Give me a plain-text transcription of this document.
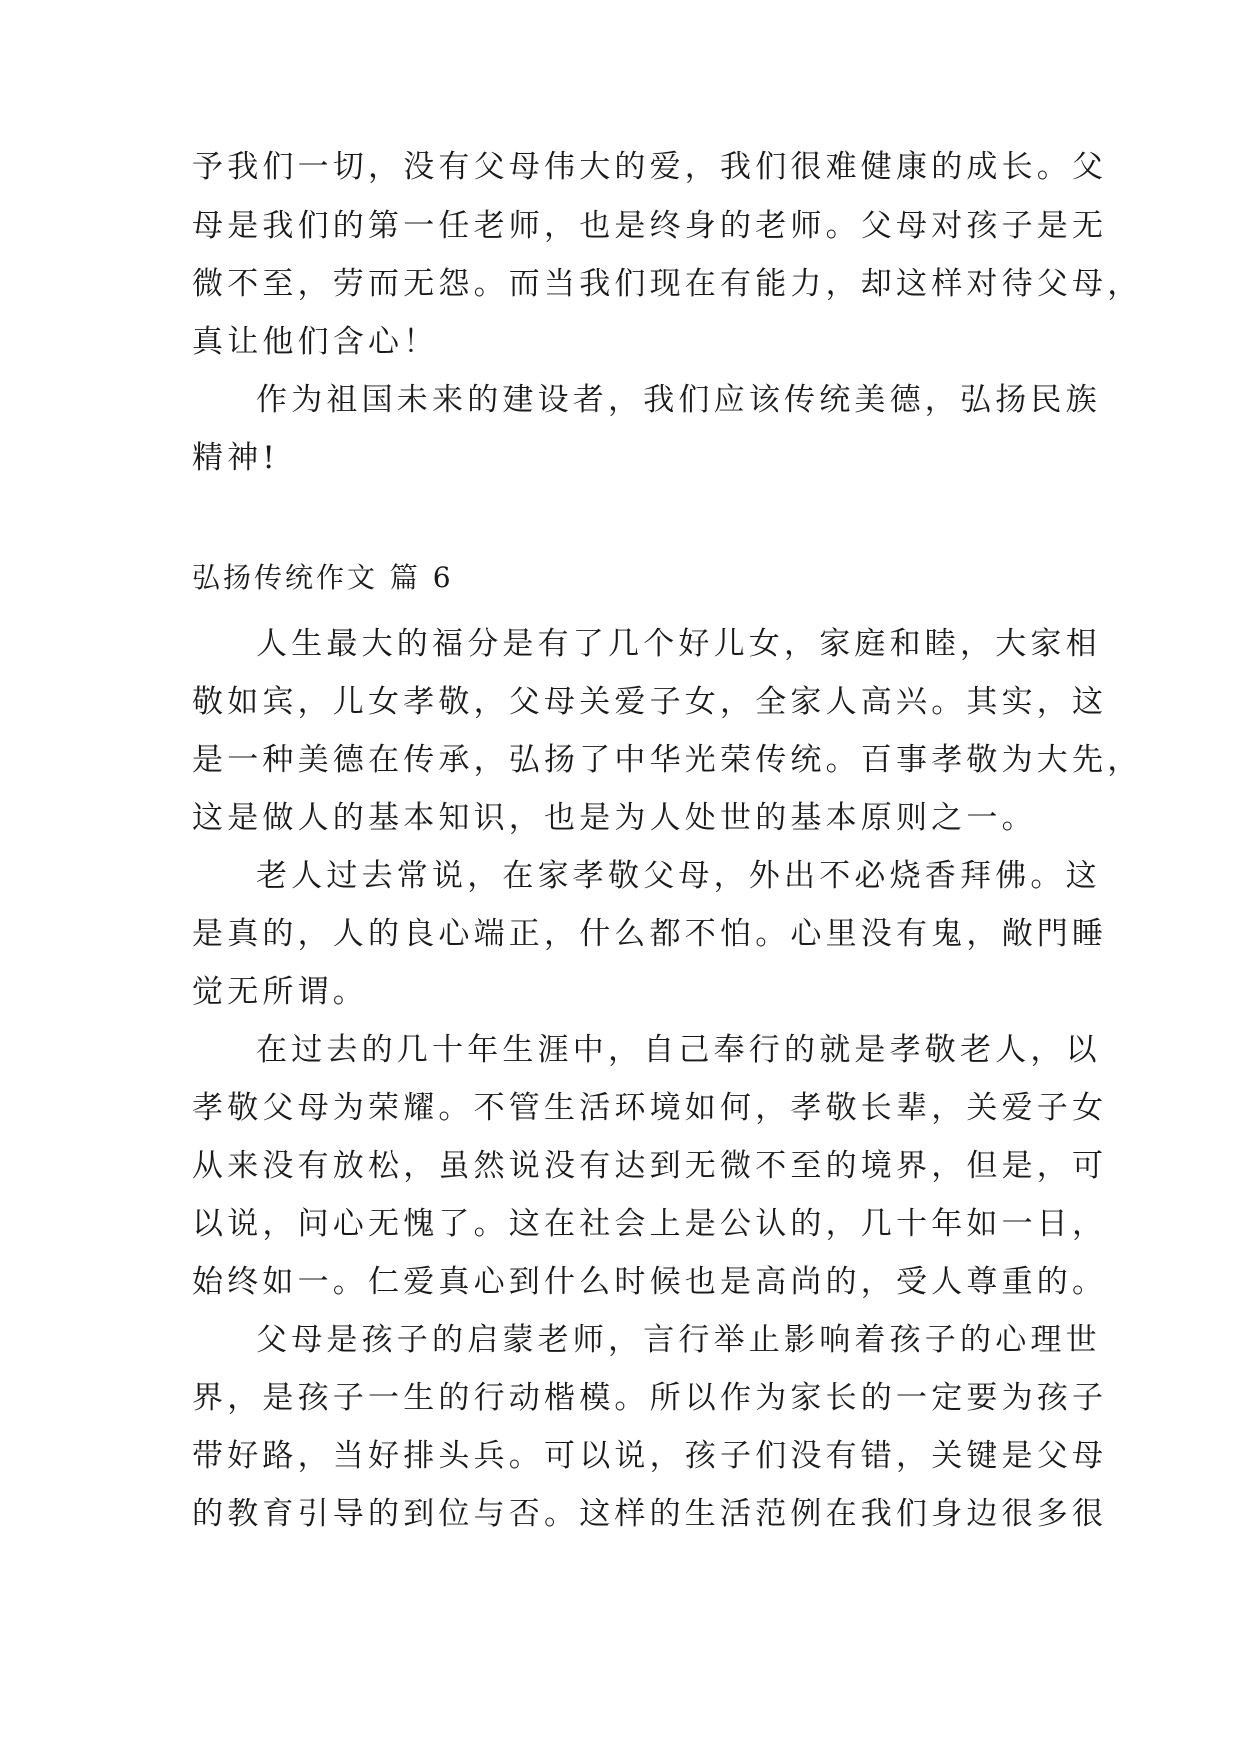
予我们一切，没有父母伟大的爱，我们很难健康的成长。父
母是我们的第一任老师，也是终身的老师。父母对孩子是无
微不至，劳而无怨。而当我们现在有能力，却这样对待父母，
真让他们含心！
作为祖国未来的建设者，我们应该传统美德，弘扬民族
精神!
弘扬传统作文 篇 6
人生最大的福分是有了几个好儿女，家庭和睦，大家相
敬如宾，儿女孝敬，父母关爱子女，全家人高兴。其实，这
是一种美德在传承，弘扬了中华光荣传统。百事孝敬为大先，
这是做人的基本知识，也是为人处世的基本原则之一。
老人过去常说，在家孝敬父母，外出不必烧香拜佛。这
是真的，人的良心端正，什么都不怕。心里没有鬼，敞門睡
觉无所谓。
在过去的几十年生涯中，自己奉行的就是孝敬老人，以
孝敬父母为荣耀。不管生活环境如何，孝敬长辈，关爱子女
从来没有放松，虽然说没有达到无微不至的境界，但是，可
以说，问心无愧了。这在社会上是公认的，几十年如一日，
始终如一。仁爱真心到什么时候也是高尚的，受人尊重的。
父母是孩子的启蒙老师，言行举止影响着孩子的心理世
界，是孩子一生的行动楷模。所以作为家长的一定要为孩子
带好路，当好排头兵。可以说，孩子们没有错，关键是父母
的教育引导的到位与否。这样的生活范例在我们身边很多很
